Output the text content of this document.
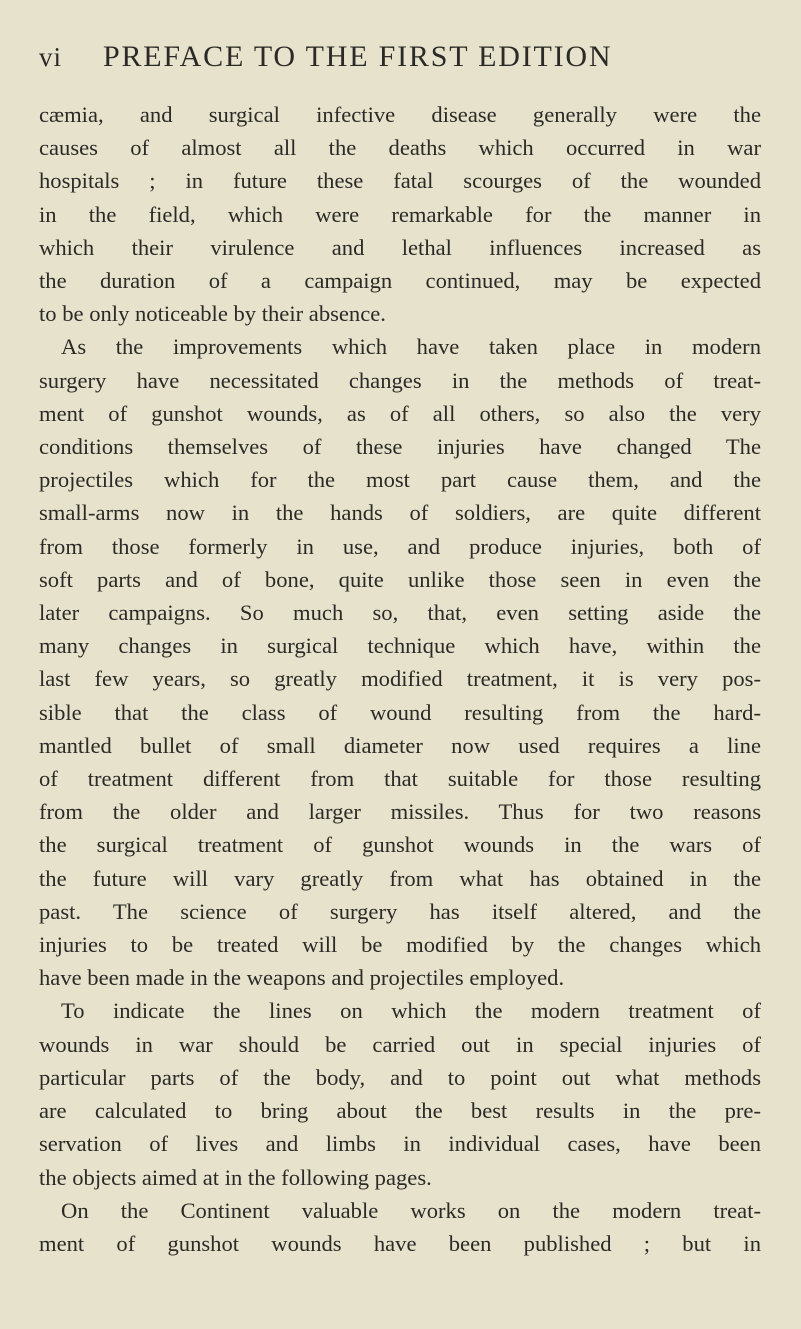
vi PREFACE TO THE FIRST EDITION
cæmia, and surgical infective disease generally were the
causes of almost all the deaths which occurred in war
hospitals ; in future these fatal scourges of the wounded
in the field, which were remarkable for the manner in
which their virulence and lethal influences increased as
the duration of a campaign continued, may be expected
to be only noticeable by their absence.
As the improvements which have taken place in modern
surgery have necessitated changes in the methods of treat-
ment of gunshot wounds, as of all others, so also the very
conditions themselves of these injuries have changed The
projectiles which for the most part cause them, and the
small-arms now in the hands of soldiers, are quite different
from those formerly in use, and produce injuries, both of
soft parts and of bone, quite unlike those seen in even the
later campaigns. So much so, that, even setting aside the
many changes in surgical technique which have, within the
last few years, so greatly modified treatment, it is very pos-
sible that the class of wound resulting from the hard-
mantled bullet of small diameter now used requires a line
of treatment different from that suitable for those resulting
from the older and larger missiles. Thus for two reasons
the surgical treatment of gunshot wounds in the wars of
the future will vary greatly from what has obtained in the
past. The science of surgery has itself altered, and the
injuries to be treated will be modified by the changes which
have been made in the weapons and projectiles employed.
To indicate the lines on which the modern treatment of
wounds in war should be carried out in special injuries of
particular parts of the body, and to point out what methods
are calculated to bring about the best results in the pre-
servation of lives and limbs in individual cases, have been
the objects aimed at in the following pages.
On the Continent valuable works on the modern treat-
ment of gunshot wounds have been published ; but in
